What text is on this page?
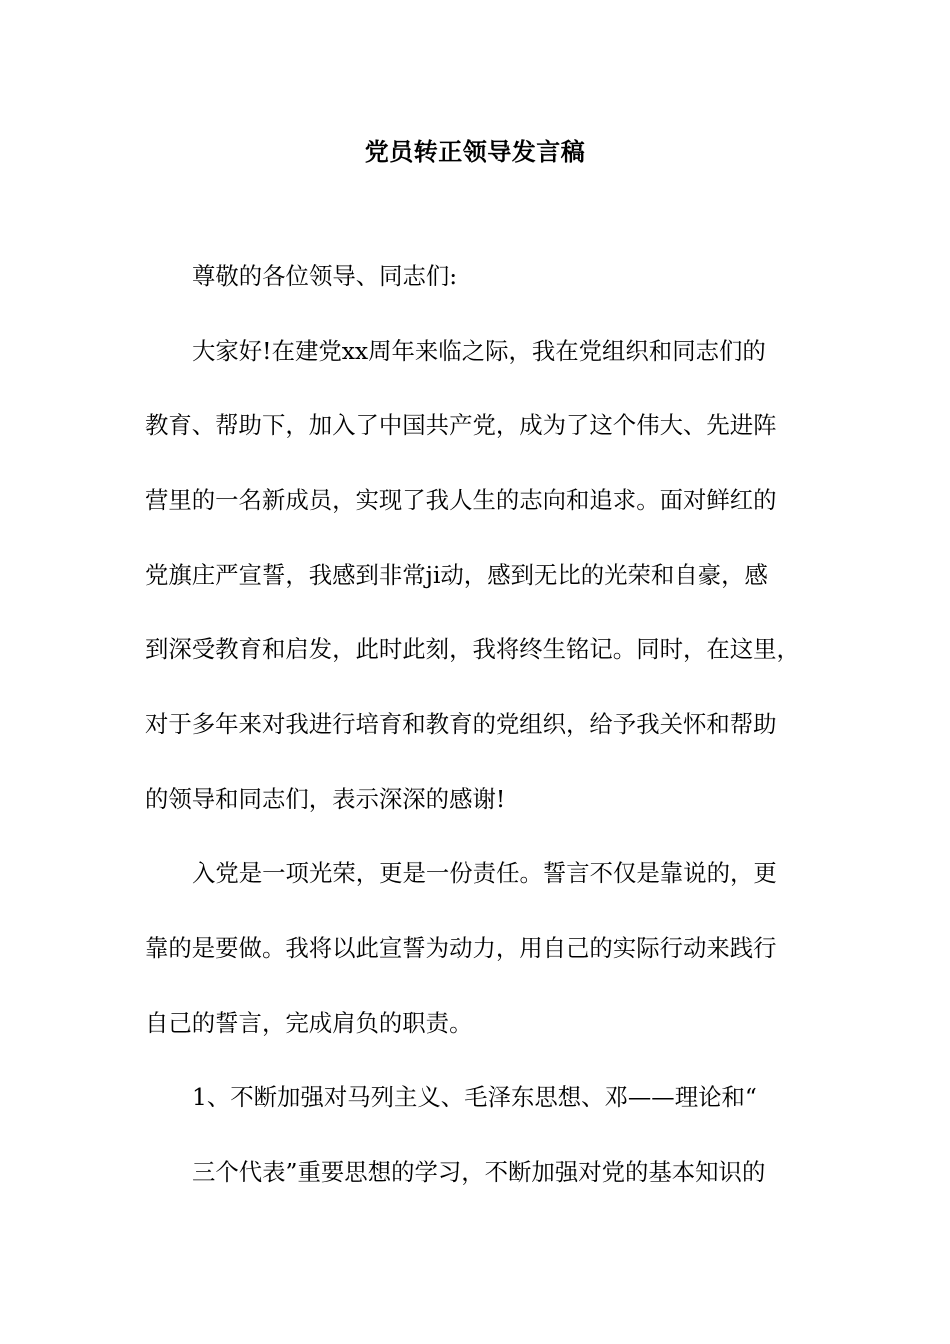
党员转正领导发言稿
尊敬的各位领导、同志们:
大家好!在建党xx周年来临之际，我在党组织和同志们的
教育、帮助下，加入了中国共产党，成为了这个伟大、先进阵
营里的一名新成员，实现了我人生的志向和追求。面对鲜红的
党旗庄严宣誓，我感到非常ji动，感到无比的光荣和自豪，感
到深受教育和启发，此时此刻，我将终生铭记。同时，在这里，
对于多年来对我进行培育和教育的党组织，给予我关怀和帮助
的领导和同志们，表示深深的感谢!
入党是一项光荣，更是一份责任。誓言不仅是靠说的，更
靠的是要做。我将以此宣誓为动力，用自己的实际行动来践行
自己的誓言，完成肩负的职责。
1、不断加强对马列主义、毛泽东思想、邓——理论和“
三个代表”重要思想的学习，不断加强对党的基本知识的
